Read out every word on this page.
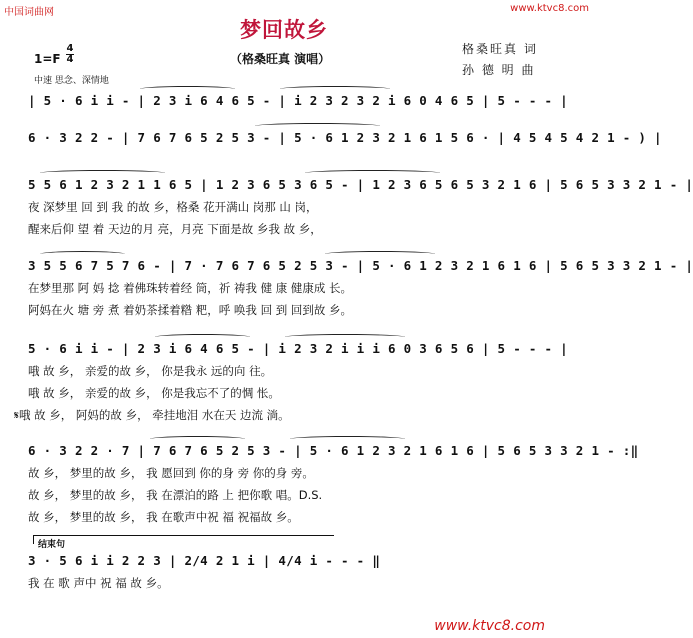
中国词曲网	www.ktvc8.com
www.ktvc8.com
梦回故乡
（格桑旺真 演唱）
格桑旺真 词
孙 德 明 曲
1=F
4
4
中速 思念、深情地
| 5 · 6 i i - | 2 3 i 6 4 6 5 - | i 2 3 2 3 2 i 6 0 4 6 5 | 5 - - - |
6 · 3 2 2 - | 7 6 7 6 5 2 5 3 - | 5 · 6 1 2 3 2 1 6 1 5 6 · | 4 5 4 5 4 2 1 - ) |
5 5 6 1 2 3 2 1 1 6 5 | 1 2 3 6 5 3 6 5 - | 1 2 3 6 5 6 5 3 2 1 6 | 5 6 5 3 3 2 1 - |
夜 深梦里 回 到 我 的故 乡，格桑 花开满山 岗那 山 岗，
醒来后仰 望 着 天边的月 亮，月亮 下面是故 乡我 故 乡，
3 5 5 6 7 5 7 6 - | 7 · 7 6 7 6 5 2 5 3 - | 5 · 6 1 2 3 2 1 6 1 6 | 5 6 5 3 3 2 1 - |
在梦里那 阿 妈 捻 着佛珠转着经 筒，祈 祷我 健 康 健康成 长。
阿妈在火 塘 旁 煮 着奶茶揉着糌 粑，呼 唤我 回 到 回到故 乡。
5 · 6 i i - | 2 3 i 6 4 6 5 - | i 2 3 2 i i i 6 0 3 6 5 6 | 5 - - - |
哦 故 乡， 亲爱的故 乡， 你是我永 远的向 往。
哦 故 乡， 亲爱的故 乡， 你是我忘不了的惆 怅。
𝄋哦 故 乡， 阿妈的故 乡， 牵挂地泪 水在天 边流 淌。
6 · 3 2 2 · 7 | 7 6 7 6 5 2 5 3 - | 5 · 6 1 2 3 2 1 6 1 6 | 5 6 5 3 3 2 1 - :‖
故 乡， 梦里的故 乡， 我 愿回到 你的身 旁 你的身 旁。
故 乡， 梦里的故 乡， 我 在漂泊的路 上 把你歌 唱。D.S.
故 乡， 梦里的故 乡， 我 在歌声中祝 福 祝福故 乡。
结束句
3 · 5 6 i i 2 2 3 | 2/4 2 1 i | 4/4 i - - - ‖
我 在 歌 声中 祝 福 故 乡。
